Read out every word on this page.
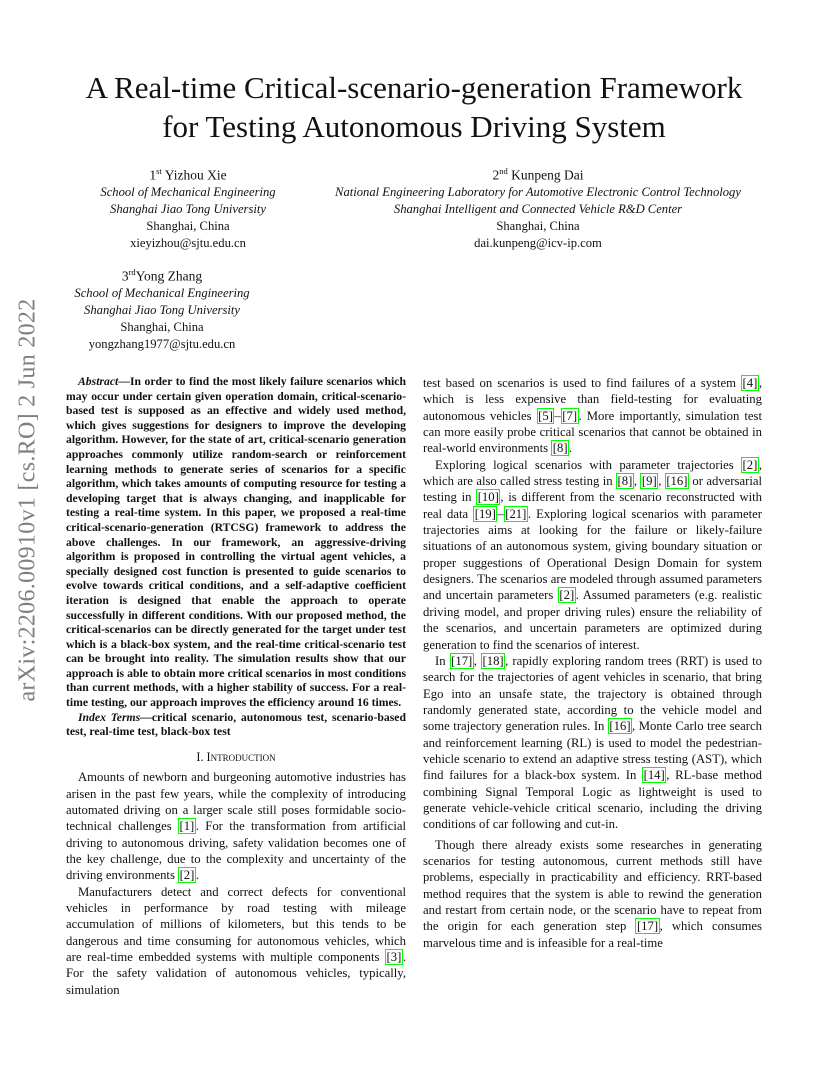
arXiv:2206.00910v1 [cs.RO] 2 Jun 2022
A Real-time Critical-scenario-generation Framework
for Testing Autonomous Driving System
1st Yizhou Xie
School of Mechanical Engineering
Shanghai Jiao Tong University
Shanghai, China
xieyizhou@sjtu.edu.cn
2nd Kunpeng Dai
National Engineering Laboratory for Automotive Electronic Control Technology
Shanghai Intelligent and Connected Vehicle R&D Center
Shanghai, China
dai.kunpeng@icv-ip.com
3rdYong Zhang
School of Mechanical Engineering
Shanghai Jiao Tong University
Shanghai, China
yongzhang1977@sjtu.edu.cn

Abstract—In order to find the most likely failure scenarios which may occur under certain given operation domain, critical-scenario-based test is supposed as an effective and widely used method, which gives suggestions for designers to improve the developing algorithm. However, for the state of art, critical-scenario generation approaches commonly utilize random-search or reinforcement learning methods to generate series of scenarios for a specific algorithm, which takes amounts of computing resource for testing a developing target that is always changing, and inapplicable for testing a real-time system. In this paper, we proposed a real-time critical-scenario-generation (RTCSG) framework to address the above challenges. In our framework, an aggressive-driving algorithm is proposed in controlling the virtual agent vehicles, a specially designed cost function is presented to guide scenarios to evolve towards critical conditions, and a self-adaptive coefficient iteration is designed that enable the approach to operate successfully in different conditions. With our proposed method, the critical-scenarios can be directly generated for the target under test which is a black-box system, and the real-time critical-scenario test can be brought into reality. The simulation results show that our approach is able to obtain more critical scenarios in most conditions than current methods, with a higher stability of success. For a real-time testing, our approach improves the efficiency around 16 times.

Index Terms—critical scenario, autonomous test, scenario-based test, real-time test, black-box test

I. Introduction

Amounts of newborn and burgeoning automotive industries has arisen in the past few years, while the complexity of introducing automated driving on a larger scale still poses formidable socio-technical challenges [1] . For the transformation from artificial driving to autonomous driving, safety validation becomes one of the key challenge, due to the complexity and uncertainty of the driving environments [2] .

Manufacturers detect and correct defects for conventional vehicles in performance by road testing with mileage accumulation of millions of kilometers, but this tends to be dangerous and time consuming for autonomous vehicles, which are real-time embedded systems with multiple components [3] . For the safety validation of autonomous vehicles, typically, simulation

test based on scenarios is used to find failures of a system [4] , which is less expensive than field-testing for evaluating autonomous vehicles [5] – [7] . More importantly, simulation test can more easily probe critical scenarios that cannot be obtained in real-world environments [8] .

Exploring logical scenarios with parameter trajectories [2] , which are also called stress testing in [8] , [9] , [16] or adversarial testing in [10] , is different from the scenario reconstructed with real data [19] – [21] . Exploring logical scenarios with parameter trajectories aims at looking for the failure or likely-failure situations of an autonomous system, giving boundary situation or proper suggestions of Operational Design Domain for system designers. The scenarios are modeled through assumed parameters and uncertain parameters [2] . Assumed parameters (e.g. realistic driving model, and proper driving rules) ensure the reliability of the scenarios, and uncertain parameters are optimized during generation to find the scenarios of interest.

In [17] , [18] , rapidly exploring random trees (RRT) is used to search for the trajectories of agent vehicles in scenario, that bring Ego into an unsafe state, the trajectory is obtained through randomly generated state, according to the vehicle model and some trajectory generation rules. In [16] , Monte Carlo tree search and reinforcement learning (RL) is used to model the pedestrian-vehicle scenario to extend an adaptive stress testing (AST), which find failures for a black-box system. In [14] , RL-base method combining Signal Temporal Logic as lightweight is used to generate vehicle-vehicle critical scenario, including the driving conditions of car following and cut-in.

Though there already exists some researches in generating scenarios for testing autonomous, current methods still have problems, especially in practicability and efficiency. RRT-based method requires that the system is able to rewind the generation and restart from certain node, or the scenario have to repeat from the origin for each generation step [17] , which consumes marvelous time and is infeasible for a real-time
